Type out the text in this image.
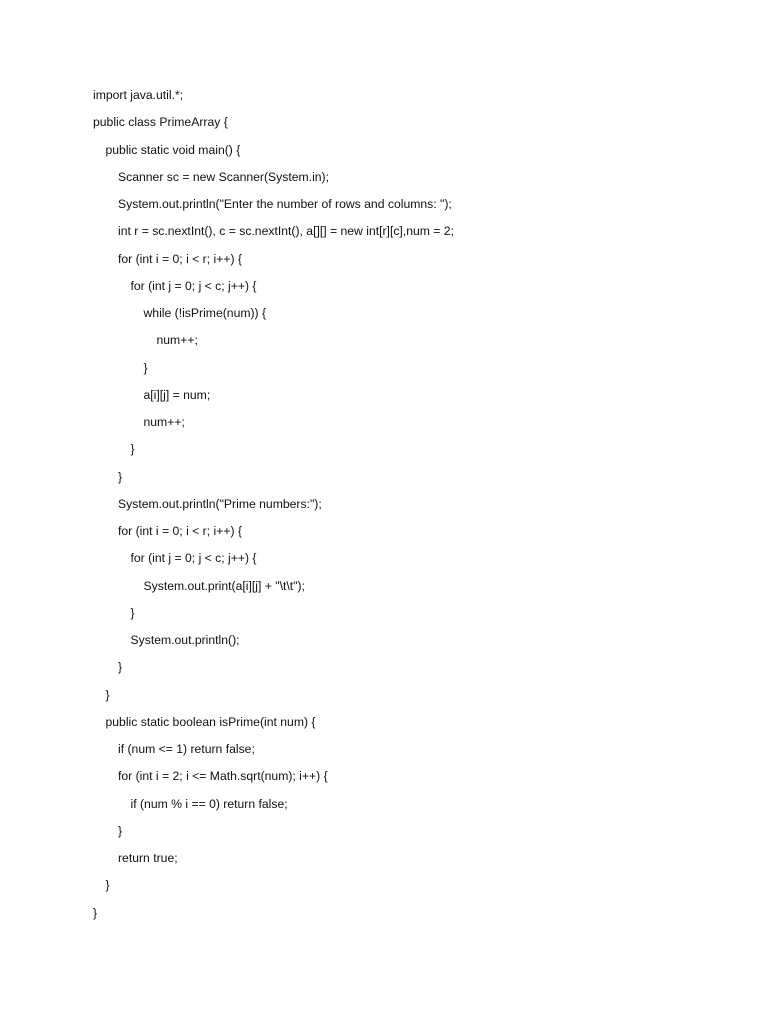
import java.util.*;
public class PrimeArray {
public static void main() {
Scanner sc = new Scanner(System.in);
System.out.println("Enter the number of rows and columns: ");
int r = sc.nextInt(), c = sc.nextInt(), a[][] = new int[r][c],num = 2;
for (int i = 0; i < r; i++) {
for (int j = 0; j < c; j++) {
while (!isPrime(num)) {
num++;
}
a[i][j] = num;
num++;
}
}
System.out.println("Prime numbers:");
for (int i = 0; i < r; i++) {
for (int j = 0; j < c; j++) {
System.out.print(a[i][j] + "\t\t");
}
System.out.println();
}
}
public static boolean isPrime(int num) {
if (num <= 1) return false;
for (int i = 2; i <= Math.sqrt(num); i++) {
if (num % i == 0) return false;
}
return true;
}
}
